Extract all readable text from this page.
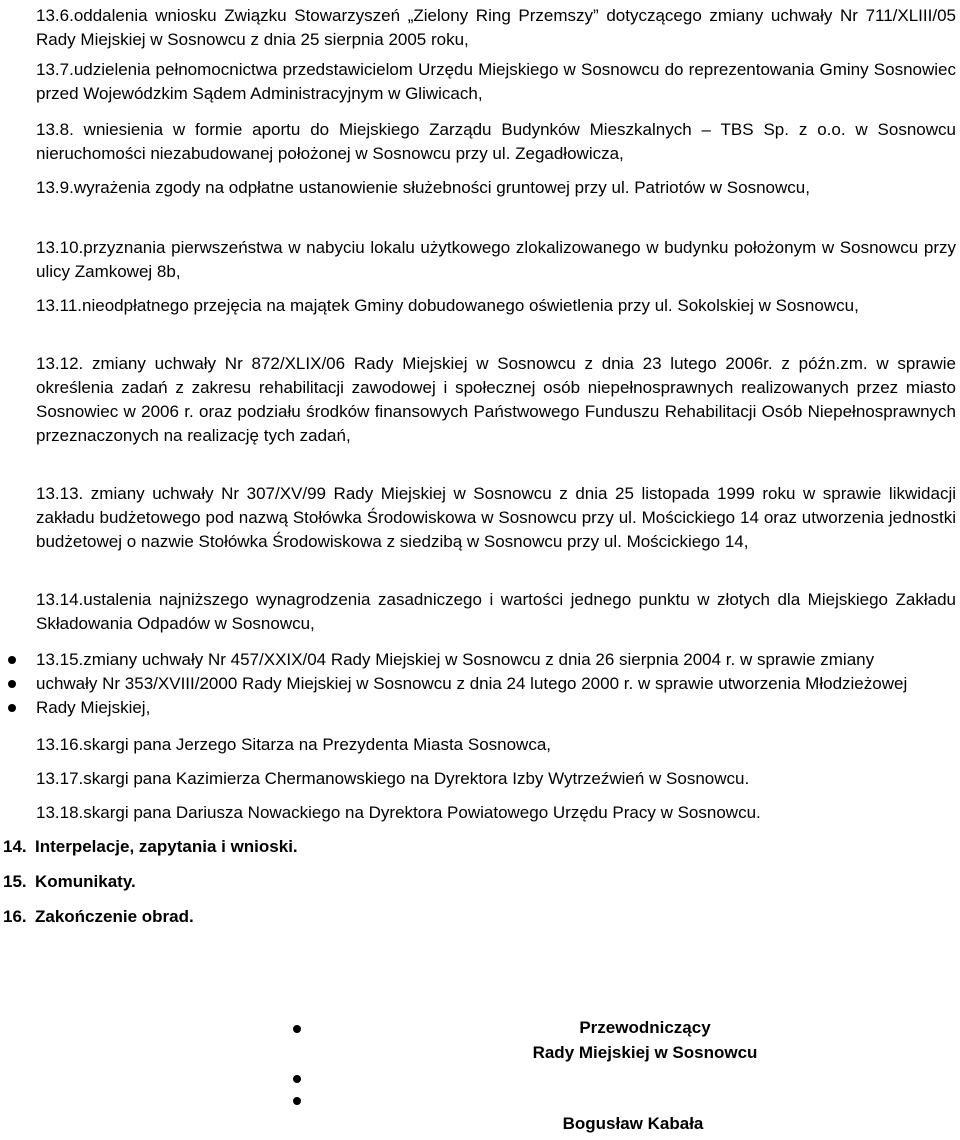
13.6.oddalenia wniosku Związku Stowarzyszeń „Zielony Ring Przemszy” dotyczącego zmiany uchwały Nr 711/XLIII/05 Rady Miejskiej w Sosnowcu z dnia 25 sierpnia 2005 roku,
13.7.udzielenia pełnomocnictwa przedstawicielom Urzędu Miejskiego w Sosnowcu do reprezentowania Gminy Sosnowiec przed Wojewódzkim Sądem Administracyjnym w Gliwicach,
13.8. wniesienia w formie aportu do Miejskiego Zarządu Budynków Mieszkalnych – TBS Sp. z o.o. w Sosnowcu nieruchomości niezabudowanej położonej w Sosnowcu przy ul. Zegadłowicza,
13.9.wyrażenia zgody na odpłatne ustanowienie służebności gruntowej przy ul. Patriotów w Sosnowcu,
13.10.przyznania pierwszeństwa w nabyciu lokalu użytkowego zlokalizowanego w budynku położonym w Sosnowcu przy ulicy Zamkowej 8b,
13.11.nieodpłatnego przejęcia na majątek Gminy dobudowanego oświetlenia przy ul. Sokolskiej w Sosnowcu,
13.12. zmiany uchwały Nr 872/XLIX/06 Rady Miejskiej w Sosnowcu z dnia 23 lutego 2006r. z późn.zm. w sprawie określenia zadań z zakresu rehabilitacji zawodowej i społecznej osób niepełnosprawnych realizowanych przez miasto Sosnowiec w 2006 r. oraz podziału środków finansowych Państwowego Funduszu Rehabilitacji Osób Niepełnosprawnych przeznaczonych na realizację tych zadań,
13.13. zmiany uchwały Nr 307/XV/99 Rady Miejskiej w Sosnowcu z dnia 25 listopada 1999 roku w sprawie likwidacji zakładu budżetowego pod nazwą Stołówka Środowiskowa w Sosnowcu przy ul. Mościckiego 14 oraz utworzenia jednostki budżetowej o nazwie Stołówka Środowiskowa z siedzibą w Sosnowcu przy ul. Mościckiego 14,
13.14.ustalenia najniższego wynagrodzenia zasadniczego i wartości jednego punktu w złotych dla Miejskiego Zakładu Składowania Odpadów w Sosnowcu,
13.15.zmiany uchwały Nr 457/XXIX/04 Rady Miejskiej w Sosnowcu z dnia 26 sierpnia 2004 r. w sprawie zmiany uchwały Nr 353/XVIII/2000 Rady Miejskiej w Sosnowcu z dnia 24 lutego 2000 r. w sprawie utworzenia Młodzieżowej Rady Miejskiej,
13.16.skargi pana Jerzego Sitarza na Prezydenta Miasta Sosnowca,
13.17.skargi pana Kazimierza Chermanowskiego na Dyrektora Izby Wytrzeźwień w Sosnowcu.
13.18.skargi pana Dariusza Nowackiego na Dyrektora Powiatowego Urzędu Pracy w Sosnowcu.
14. Interpelacje, zapytania i wnioski.
15. Komunikaty.
16. Zakończenie obrad.
Przewodniczący
Rady Miejskiej w Sosnowcu
Bogusław Kabała
